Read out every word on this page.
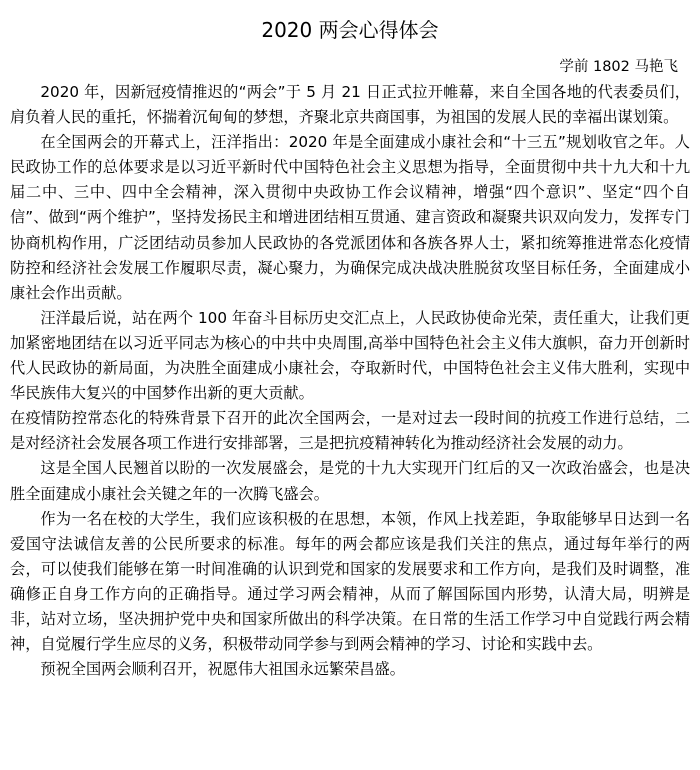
2020 两会心得体会
学前 1802 马艳飞

2020 年，因新冠疫情推迟的“两会”于 5 月 21 日正式拉开帷幕，来自全国各地的代表委员们，肩负着人民的重托，怀揣着沉甸甸的梦想，齐聚北京共商国事，为祖国的发展人民的幸福出谋划策。

在全国两会的开幕式上，汪洋指出：2020 年是全面建成小康社会和“十三五”规划收官之年。人民政协工作的总体要求是以习近平新时代中国特色社会主义思想为指导，全面贯彻中共十九大和十九届二中、三中、四中全会精神，深入贯彻中央政协工作会议精神，增强“四个意识”、坚定“四个自信”、做到“两个维护”，坚持发扬民主和增进团结相互贯通、建言资政和凝聚共识双向发力，发挥专门协商机构作用，广泛团结动员参加人民政协的各党派团体和各族各界人士，紧扣统筹推进常态化疫情防控和经济社会发展工作履职尽责，凝心聚力，为确保完成决战决胜脱贫攻坚目标任务，全面建成小康社会作出贡献。

汪洋最后说，站在两个 100 年奋斗目标历史交汇点上，人民政协使命光荣，责任重大，让我们更加紧密地团结在以习近平同志为核心的中共中央周围,高举中国特色社会主义伟大旗帜，奋力开创新时代人民政协的新局面，为决胜全面建成小康社会，夺取新时代，中国特色社会主义伟大胜利，实现中华民族伟大复兴的中国梦作出新的更大贡献。

在疫情防控常态化的特殊背景下召开的此次全国两会，一是对过去一段时间的抗疫工作进行总结，二是对经济社会发展各项工作进行安排部署，三是把抗疫精神转化为推动经济社会发展的动力。

这是全国人民翘首以盼的一次发展盛会，是党的十九大实现开门红后的又一次政治盛会，也是决胜全面建成小康社会关键之年的一次腾飞盛会。

作为一名在校的大学生，我们应该积极的在思想，本领，作风上找差距，争取能够早日达到一名爱国守法诚信友善的公民所要求的标准。每年的两会都应该是我们关注的焦点，通过每年举行的两会，可以使我们能够在第一时间准确的认识到党和国家的发展要求和工作方向，是我们及时调整，准确修正自身工作方向的正确指导。通过学习两会精神，从而了解国际国内形势，认清大局，明辨是非，站对立场，坚决拥护党中央和国家所做出的科学决策。在日常的生活工作学习中自觉践行两会精神，自觉履行学生应尽的义务，积极带动同学参与到两会精神的学习、讨论和实践中去。

预祝全国两会顺利召开，祝愿伟大祖国永远繁荣昌盛。
